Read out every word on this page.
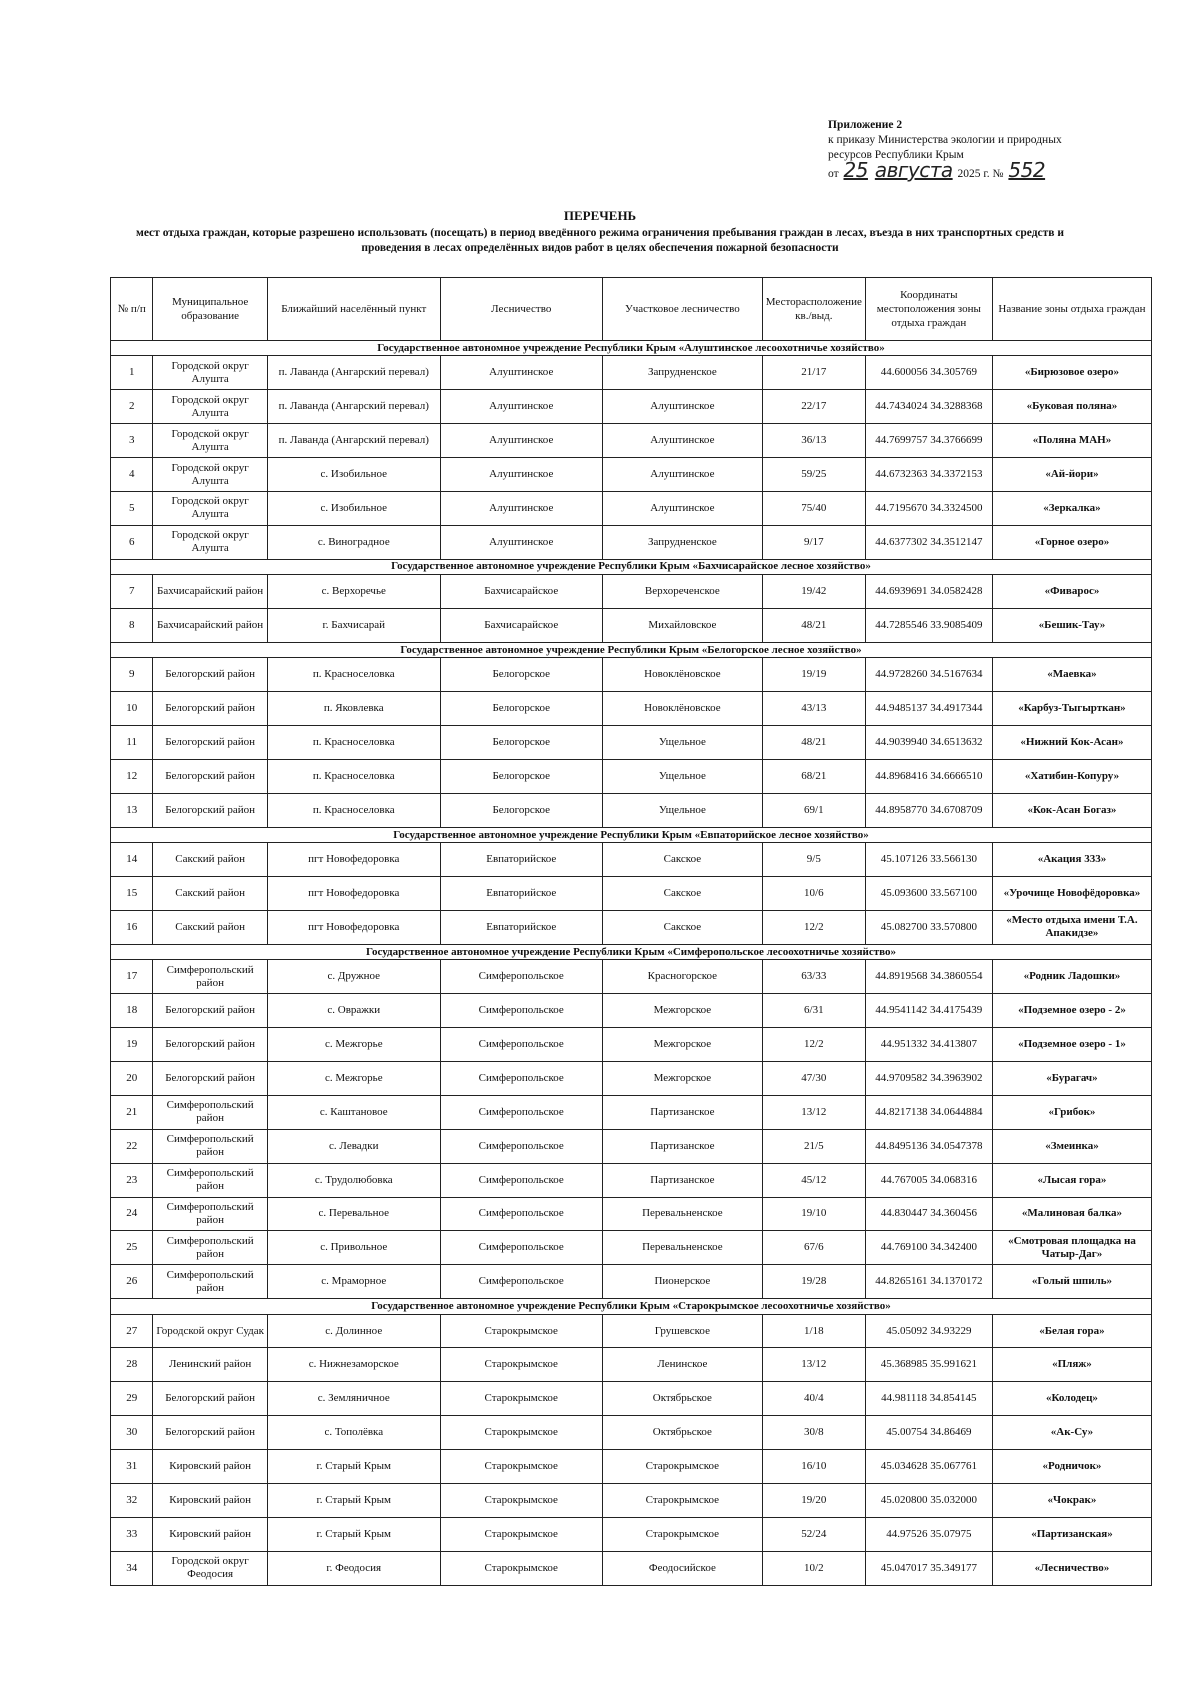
Приложение 2
к приказу Министерства экологии и природных
ресурсов Республики Крым
от 25 августа 2025 г. № 552
ПЕРЕЧЕНЬ
мест отдыха граждан, которые разрешено использовать (посещать) в период введённого режима ограничения пребывания граждан в лесах, въезда в них транспортных средств и проведения в лесах определённых видов работ в целях обеспечения пожарной безопасности
№ п/п	Муниципальное образование	Ближайший населённый пункт	Лесничество	Участковое лесничество	Месторасположение кв./выд.	Координаты местоположения зоны отдыха граждан	Название зоны отдыха граждан
Государственное автономное учреждение Республики Крым «Алуштинское лесоохотничье хозяйство»							
1	Городской округ Алушта	п. Лаванда (Ангарский перевал)	Алуштинское	Запрудненское	21/17	44.600056 34.305769	«Бирюзовое озеро»
2	Городской округ Алушта	п. Лаванда (Ангарский перевал)	Алуштинское	Алуштинское	22/17	44.7434024 34.3288368	«Буковая поляна»
3	Городской округ Алушта	п. Лаванда (Ангарский перевал)	Алуштинское	Алуштинское	36/13	44.7699757 34.3766699	«Поляна МАН»
4	Городской округ Алушта	с. Изобильное	Алуштинское	Алуштинское	59/25	44.6732363 34.3372153	«Ай-йори»
5	Городской округ Алушта	с. Изобильное	Алуштинское	Алуштинское	75/40	44.7195670 34.3324500	«Зеркалка»
6	Городской округ Алушта	с. Виноградное	Алуштинское	Запрудненское	9/17	44.6377302 34.3512147	«Горное озеро»
Государственное автономное учреждение Республики Крым «Бахчисарайское лесное хозяйство»							
7	Бахчисарайский район	с. Верхоречье	Бахчисарайское	Верхореченское	19/42	44.6939691 34.0582428	«Фиварос»
8	Бахчисарайский район	г. Бахчисарай	Бахчисарайское	Михайловское	48/21	44.7285546 33.9085409	«Бешик-Тау»
Государственное автономное учреждение Республики Крым «Белогорское лесное хозяйство»							
9	Белогорский район	п. Красноселовка	Белогорское	Новоклёновское	19/19	44.9728260 34.5167634	«Маевка»
10	Белогорский район	п. Яковлевка	Белогорское	Новоклёновское	43/13	44.9485137 34.4917344	«Карбуз-Тыгырткан»
11	Белогорский район	п. Красноселовка	Белогорское	Ущельное	48/21	44.9039940 34.6513632	«Нижний Кок-Асан»
12	Белогорский район	п. Красноселовка	Белогорское	Ущельное	68/21	44.8968416 34.6666510	«Хатибин-Копуру»
13	Белогорский район	п. Красноселовка	Белогорское	Ущельное	69/1	44.8958770 34.6708709	«Кок-Асан Богаз»
Государственное автономное учреждение Республики Крым «Евпаторийское лесное хозяйство»							
14	Сакский район	пгт Новофедоровка	Евпаторийское	Сакское	9/5	45.107126 33.566130	«Акация 333»
15	Сакский район	пгт Новофедоровка	Евпаторийское	Сакское	10/6	45.093600 33.567100	«Урочище Новофёдоровка»
16	Сакский район	пгт Новофедоровка	Евпаторийское	Сакское	12/2	45.082700 33.570800	«Место отдыха имени Т.А. Апакидзе»
Государственное автономное учреждение Республики Крым «Симферопольское лесоохотничье хозяйство»							
17	Симферопольский район	с. Дружное	Симферопольское	Красногорское	63/33	44.8919568 34.3860554	«Родник Ладошки»
18	Белогорский район	с. Овражки	Симферопольское	Межгорское	6/31	44.9541142 34.4175439	«Подземное озеро - 2»
19	Белогорский район	с. Межгорье	Симферопольское	Межгорское	12/2	44.951332 34.413807	«Подземное озеро - 1»
20	Белогорский район	с. Межгорье	Симферопольское	Межгорское	47/30	44.9709582 34.3963902	«Бурагач»
21	Симферопольский район	с. Каштановое	Симферопольское	Партизанское	13/12	44.8217138 34.0644884	«Грибок»
22	Симферопольский район	с. Левадки	Симферопольское	Партизанское	21/5	44.8495136 34.0547378	«Змеинка»
23	Симферопольский район	с. Трудолюбовка	Симферопольское	Партизанское	45/12	44.767005 34.068316	«Лысая гора»
24	Симферопольский район	с. Перевальное	Симферопольское	Перевальненское	19/10	44.830447 34.360456	«Малиновая балка»
25	Симферопольский район	с. Привольное	Симферопольское	Перевальненское	67/6	44.769100 34.342400	«Смотровая площадка на Чатыр-Даг»
26	Симферопольский район	с. Мраморное	Симферопольское	Пионерское	19/28	44.8265161 34.1370172	«Голый шпиль»
Государственное автономное учреждение Республики Крым «Старокрымское лесоохотничье хозяйство»							
27	Городской округ Судак	с. Долинное	Старокрымское	Грушевское	1/18	45.05092 34.93229	«Белая гора»
28	Ленинский район	с. Нижнезаморское	Старокрымское	Ленинское	13/12	45.368985 35.991621	«Пляж»
29	Белогорский район	с. Земляничное	Старокрымское	Октябрьское	40/4	44.981118 34.854145	«Колодец»
30	Белогорский район	с. Тополёвка	Старокрымское	Октябрьское	30/8	45.00754 34.86469	«Ак-Су»
31	Кировский район	г. Старый Крым	Старокрымское	Старокрымское	16/10	45.034628 35.067761	«Родничок»
32	Кировский район	г. Старый Крым	Старокрымское	Старокрымское	19/20	45.020800 35.032000	«Чокрак»
33	Кировский район	г. Старый Крым	Старокрымское	Старокрымское	52/24	44.97526 35.07975	«Партизанская»
34	Городской округ Феодосия	г. Феодосия	Старокрымское	Феодосийское	10/2	45.047017 35.349177	«Лесничество»
